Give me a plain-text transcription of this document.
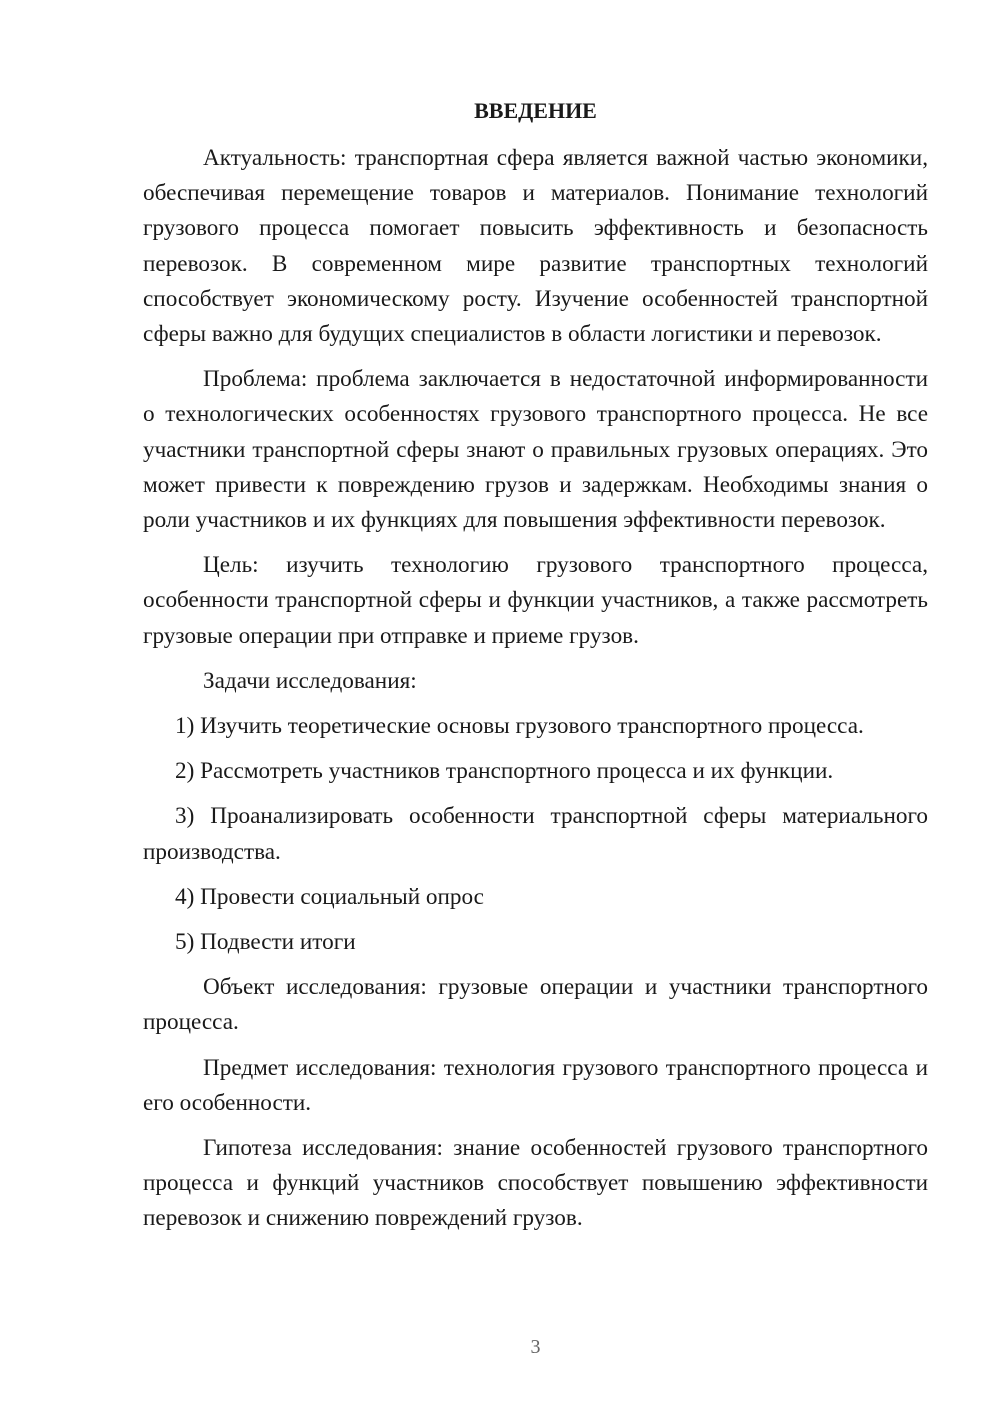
ВВЕДЕНИЕ

Актуальность: транспортная сфера является важной частью экономики, обеспечивая перемещение товаров и материалов. Понимание технологий грузового процесса помогает повысить эффективность и безопасность перевозок. В современном мире развитие транспортных технологий способствует экономическому росту. Изучение особенностей транспортной сферы важно для будущих специалистов в области логистики и перевозок.

Проблема: проблема заключается в недостаточной информированности о технологических особенностях грузового транспортного процесса. Не все участники транспортной сферы знают о правильных грузовых операциях. Это может привести к повреждению грузов и задержкам. Необходимы знания о роли участников и их функциях для повышения эффективности перевозок.

Цель: изучить технологию грузового транспортного процесса, особенности транспортной сферы и функции участников, а также рассмотреть грузовые операции при отправке и приеме грузов.

Задачи исследования:

1) Изучить теоретические основы грузового транспортного процесса.

2) Рассмотреть участников транспортного процесса и их функции.

3) Проанализировать особенности транспортной сферы материального производства.

4) Провести социальный опрос

5) Подвести итоги

Объект исследования: грузовые операции и участники транспортного процесса.

Предмет исследования: технология грузового транспортного процесса и его особенности.

Гипотеза исследования: знание особенностей грузового транспортного процесса и функций участников способствует повышению эффективности перевозок и снижению повреждений грузов.

3
